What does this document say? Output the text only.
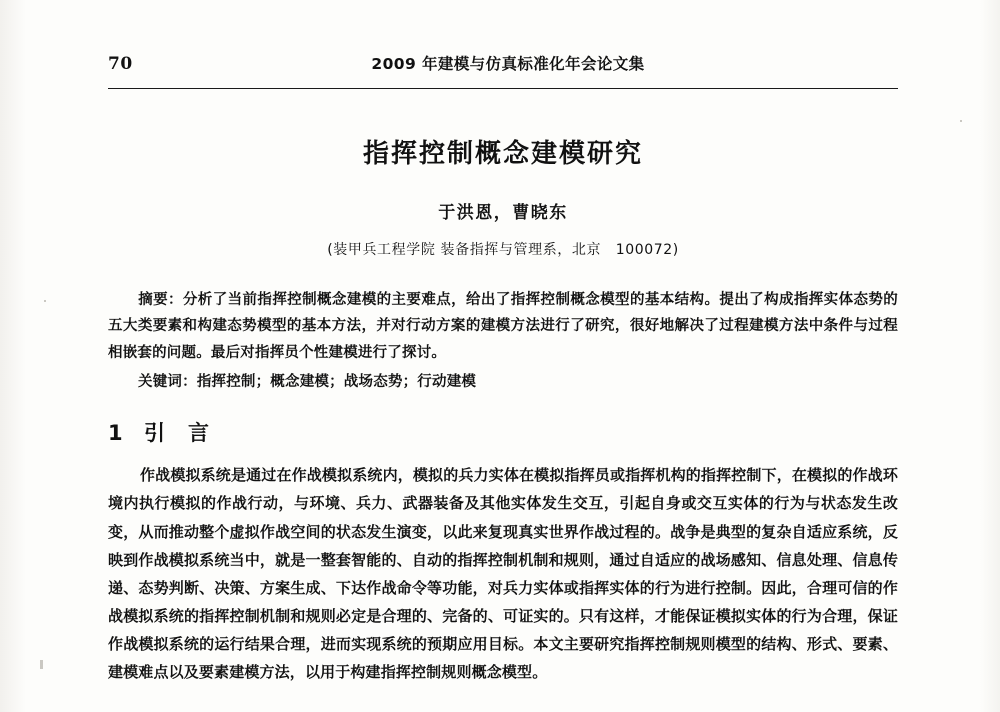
70	2009 年建模与仿真标准化年会论文集
指挥控制概念建模研究
于洪恩，曹晓东
(装甲兵工程学院 装备指挥与管理系，北京　100072)
摘要：分析了当前指挥控制概念建模的主要难点，给出了指挥控制概念模型的基本结构。提出了构成指挥实体态势的五大类要素和构建态势模型的基本方法，并对行动方案的建模方法进行了研究，很好地解决了过程建模方法中条件与过程相嵌套的问题。最后对指挥员个性建模进行了探讨。
关键词：指挥控制；概念建模；战场态势；行动建模
1 引　言
作战模拟系统是通过在作战模拟系统内，模拟的兵力实体在模拟指挥员或指挥机构的指挥控制下，在模拟的作战环境内执行模拟的作战行动，与环境、兵力、武器装备及其他实体发生交互，引起自身或交互实体的行为与状态发生改变，从而推动整个虚拟作战空间的状态发生演变，以此来复现真实世界作战过程的。战争是典型的复杂自适应系统，反映到作战模拟系统当中，就是一整套智能的、自动的指挥控制机制和规则，通过自适应的战场感知、信息处理、信息传递、态势判断、决策、方案生成、下达作战命令等功能，对兵力实体或指挥实体的行为进行控制。因此，合理可信的作战模拟系统的指挥控制机制和规则必定是合理的、完备的、可证实的。只有这样，才能保证模拟实体的行为合理，保证作战模拟系统的运行结果合理，进而实现系统的预期应用目标。本文主要研究指挥控制规则模型的结构、形式、要素、建模难点以及要素建模方法，以用于构建指挥控制规则概念模型。
